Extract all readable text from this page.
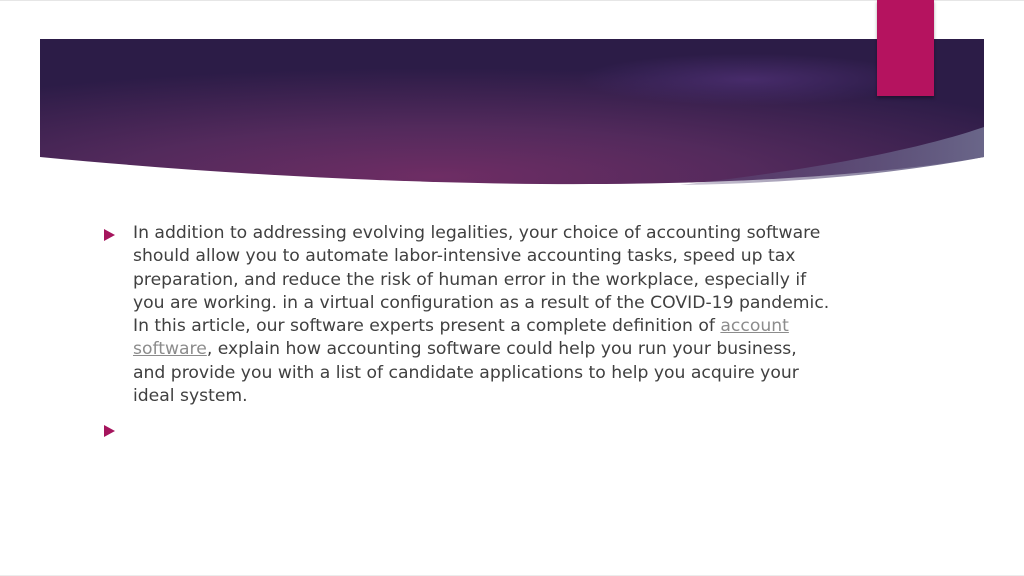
In addition to addressing evolving legalities, your choice of accounting software should allow you to automate labor-intensive accounting tasks, speed up tax preparation, and reduce the risk of human error in the workplace, especially if you are working. in a virtual configuration as a result of the COVID-19 pandemic. In this article, our software experts present a complete definition of account software, explain how accounting software could help you run your business, and provide you with a list of candidate applications to help you acquire your ideal system.
